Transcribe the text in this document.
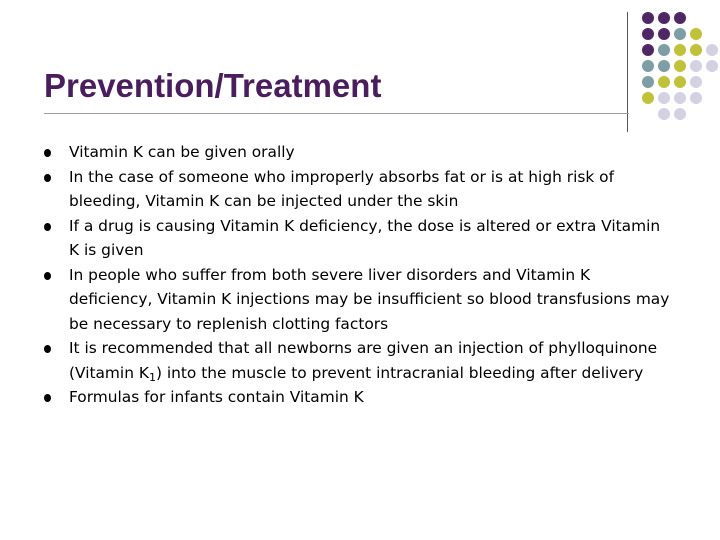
Prevention/Treatment
Vitamin K can be given orally
In the case of someone who improperly absorbs fat or is at high risk of bleeding, Vitamin K can be injected under the skin
If a drug is causing Vitamin K deficiency, the dose is altered or extra Vitamin K is given
In people who suffer from both severe liver disorders and Vitamin K deficiency, Vitamin K injections may be insufficient so blood transfusions may be necessary to replenish clotting factors
It is recommended that all newborns are given an injection of phylloquinone (Vitamin $K_1$) into the muscle to prevent intracranial bleeding after delivery
Formulas for infants contain Vitamin K
